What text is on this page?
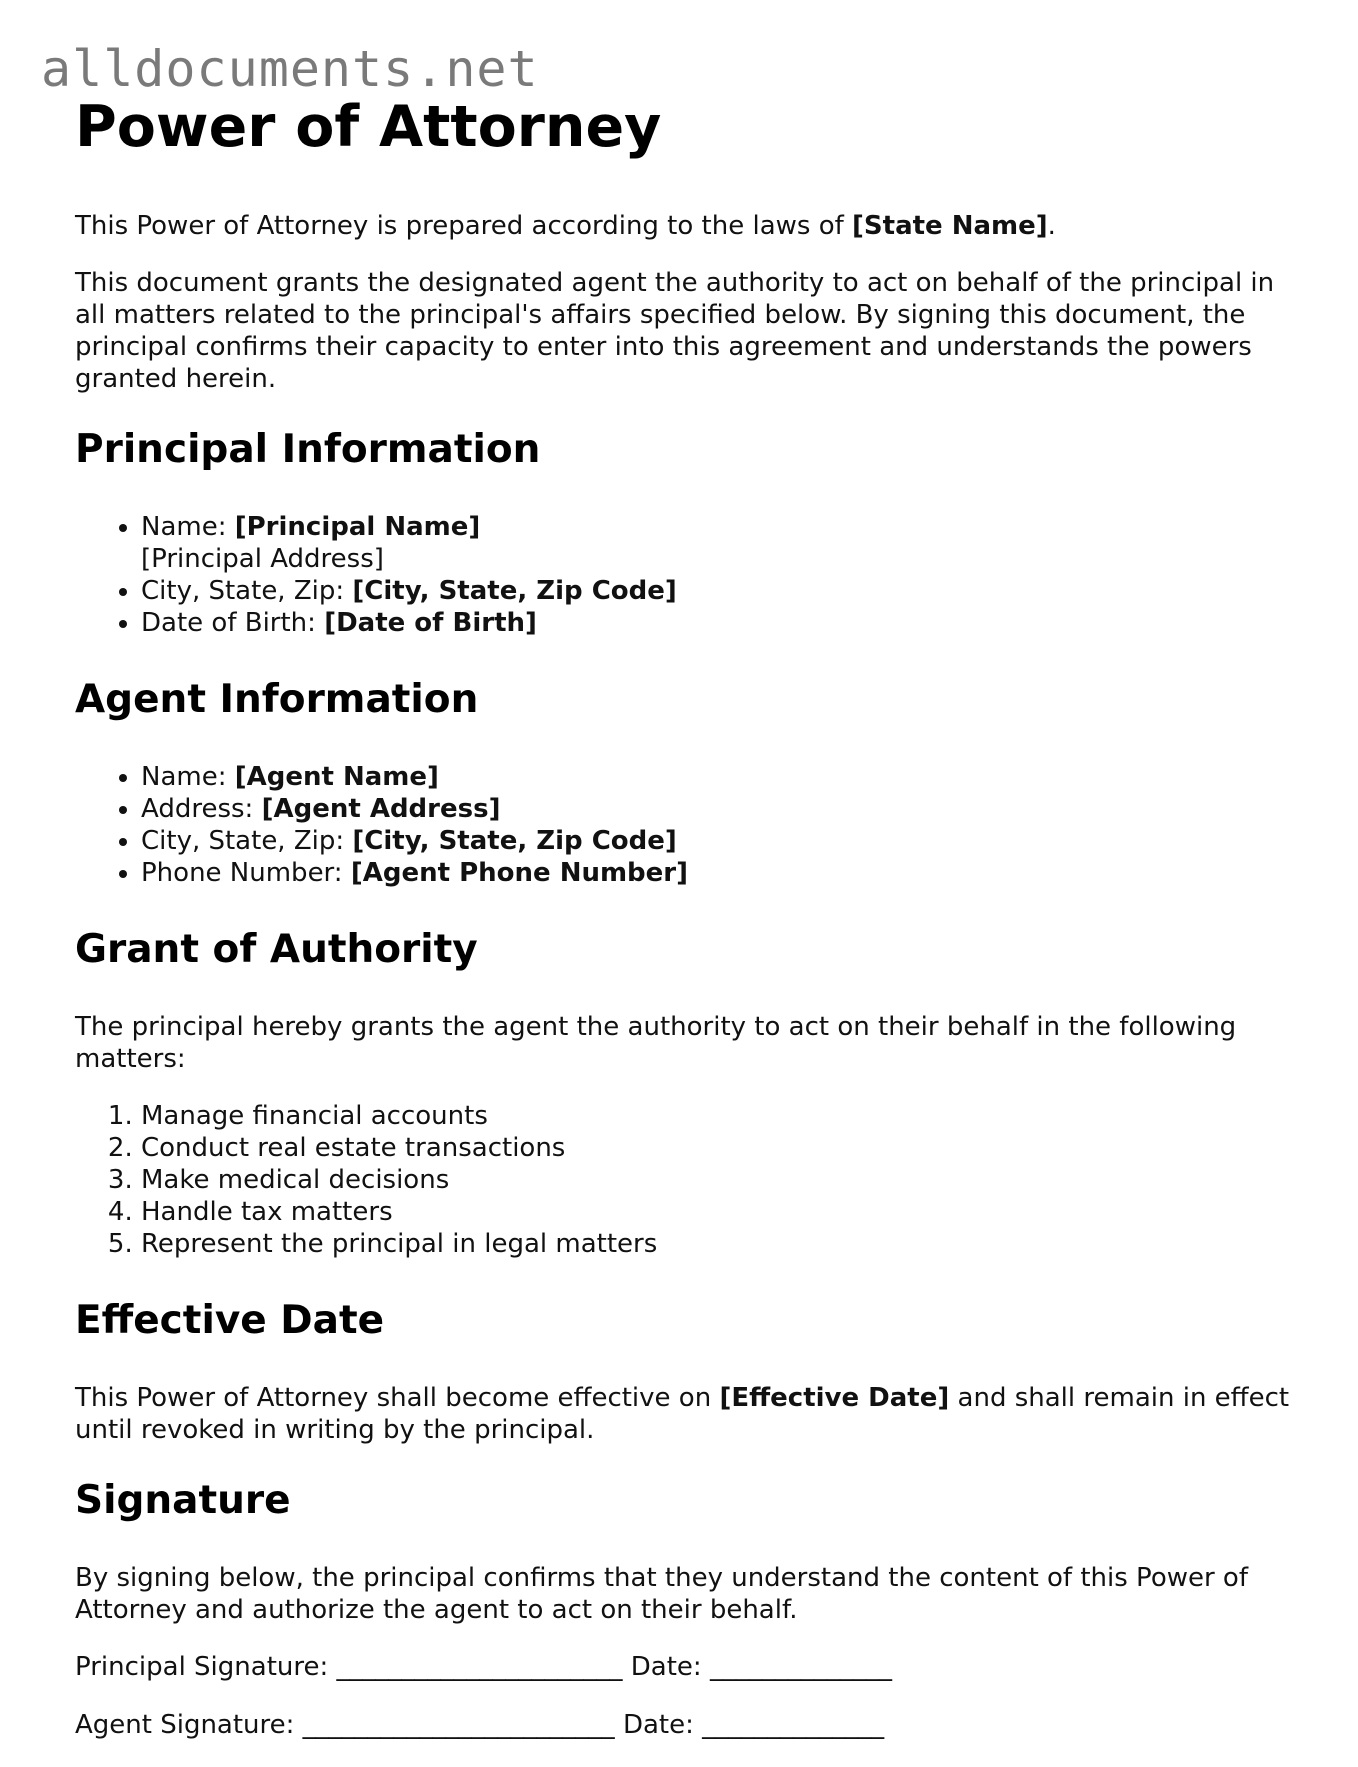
alldocuments.net
Power of Attorney

This Power of Attorney is prepared according to the laws of [State Name].

This document grants the designated agent the authority to act on behalf of the principal in all matters related to the principal's affairs specified below. By signing this document, the principal confirms their capacity to enter into this agreement and understands the powers granted herein.

Principal Information
• Name: [Principal Name]
[Principal Address]
• City, State, Zip: [City, State, Zip Code]
• Date of Birth: [Date of Birth]
Agent Information
• Name: [Agent Name]
• Address: [Agent Address]
• City, State, Zip: [City, State, Zip Code]
• Phone Number: [Agent Phone Number]
Grant of Authority

The principal hereby grants the agent the authority to act on their behalf in the following matters:

1. Manage financial accounts
2. Conduct real estate transactions
3. Make medical decisions
4. Handle tax matters
5. Represent the principal in legal matters
Effective Date

This Power of Attorney shall become effective on [Effective Date] and shall remain in effect until revoked in writing by the principal.

Signature

By signing below, the principal confirms that they understand the content of this Power of Attorney and authorize the agent to act on their behalf.

Principal Signature: ______________________ Date: ______________
Agent Signature: ________________________ Date: ______________
